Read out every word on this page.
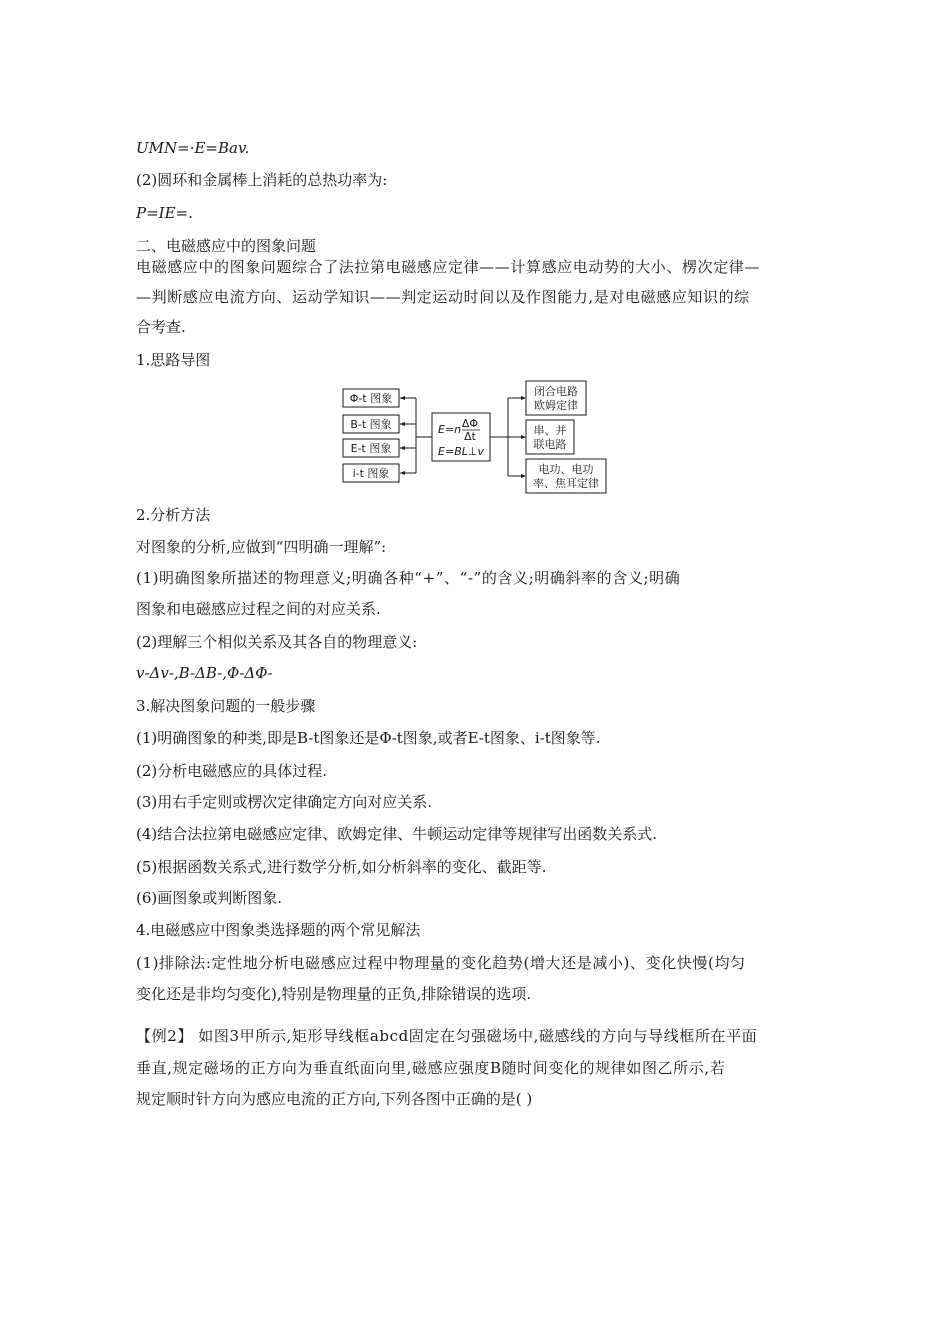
UMN=·E=Bav.
(2)圆环和金属棒上消耗的总热功率为:
P=IE=.
二、电磁感应中的图象问题
电磁感应中的图象问题综合了法拉第电磁感应定律——计算感应电动势的大小、楞次定律—
—判断感应电流方向、运动学知识——判定运动时间以及作图能力,是对电磁感应知识的综
合考查.
1.思路导图
Φ-t 图象
B-t 图象
E-t 图象
i-t 图象
E=n ΔΦ
Δt
E=BL⊥v
闭合电路
欧姆定律
串、并
联电路
电功、电功
率、焦耳定律
2.分析方法
对图象的分析,应做到“四明确一理解”:
(1)明确图象所描述的物理意义;明确各种“+”、“-”的含义;明确斜率的含义;明确
图象和电磁感应过程之间的对应关系.
(2)理解三个相似关系及其各自的物理意义:
v-Δv-,B-ΔB-,Φ-ΔΦ-
3.解决图象问题的一般步骤
(1)明确图象的种类,即是B-t图象还是Φ-t图象,或者E-t图象、i-t图象等.
(2)分析电磁感应的具体过程.
(3)用右手定则或楞次定律确定方向对应关系.
(4)结合法拉第电磁感应定律、欧姆定律、牛顿运动定律等规律写出函数关系式.
(5)根据函数关系式,进行数学分析,如分析斜率的变化、截距等.
(6)画图象或判断图象.
4.电磁感应中图象类选择题的两个常见解法
(1)排除法:定性地分析电磁感应过程中物理量的变化趋势(增大还是减小)、变化快慢(均匀
变化还是非均匀变化),特别是物理量的正负,排除错误的选项.
【例2】 如图3甲所示,矩形导线框abcd固定在匀强磁场中,磁感线的方向与导线框所在平面
垂直,规定磁场的正方向为垂直纸面向里,磁感应强度B随时间变化的规律如图乙所示,若
规定顺时针方向为感应电流的正方向,下列各图中正确的是( )
